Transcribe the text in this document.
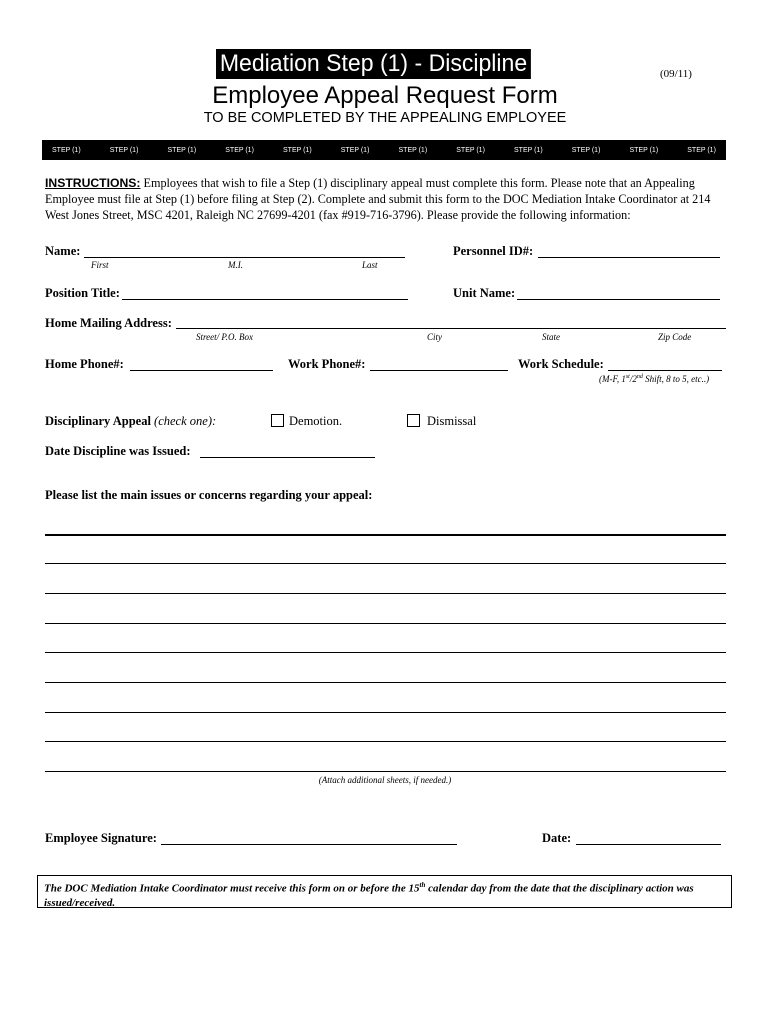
Mediation Step (1) - Discipline	(09/11)
Employee Appeal Request Form
TO BE COMPLETED BY THE APPEALING EMPLOYEE
STEP (1)	STEP (1)	STEP (1)	STEP (1)	STEP (1)	STEP (1)	STEP (1)	STEP (1)	STEP (1)	STEP (1)	STEP (1)	STEP (1)
INSTRUCTIONS: Employees that wish to file a Step (1) disciplinary appeal must complete this form. Please note that an Appealing Employee must file at Step (1) before filing at Step (2). Complete and submit this form to the DOC Mediation Intake Coordinator at 214 West Jones Street, MSC 4201, Raleigh NC 27699-4201 (fax #919-716-3796). Please provide the following information:
Name:
First	M.I.	Last
Personnel ID#:
Position Title:	Unit Name:
Home Mailing Address:
Street/ P.O. Box	City	State	Zip Code
Home Phone#:	Work Phone#:	Work Schedule:
(M-F, 1st/2nd Shift, 8 to 5, etc..)
Disciplinary Appeal (check one):	Demotion.	Dismissal
Date Discipline was Issued:
Please list the main issues or concerns regarding your appeal:
(Attach additional sheets, if needed.)
Employee Signature:	Date:
The DOC Mediation Intake Coordinator must receive this form on or before the 15th calendar day from the date that the disciplinary action was issued/received.
